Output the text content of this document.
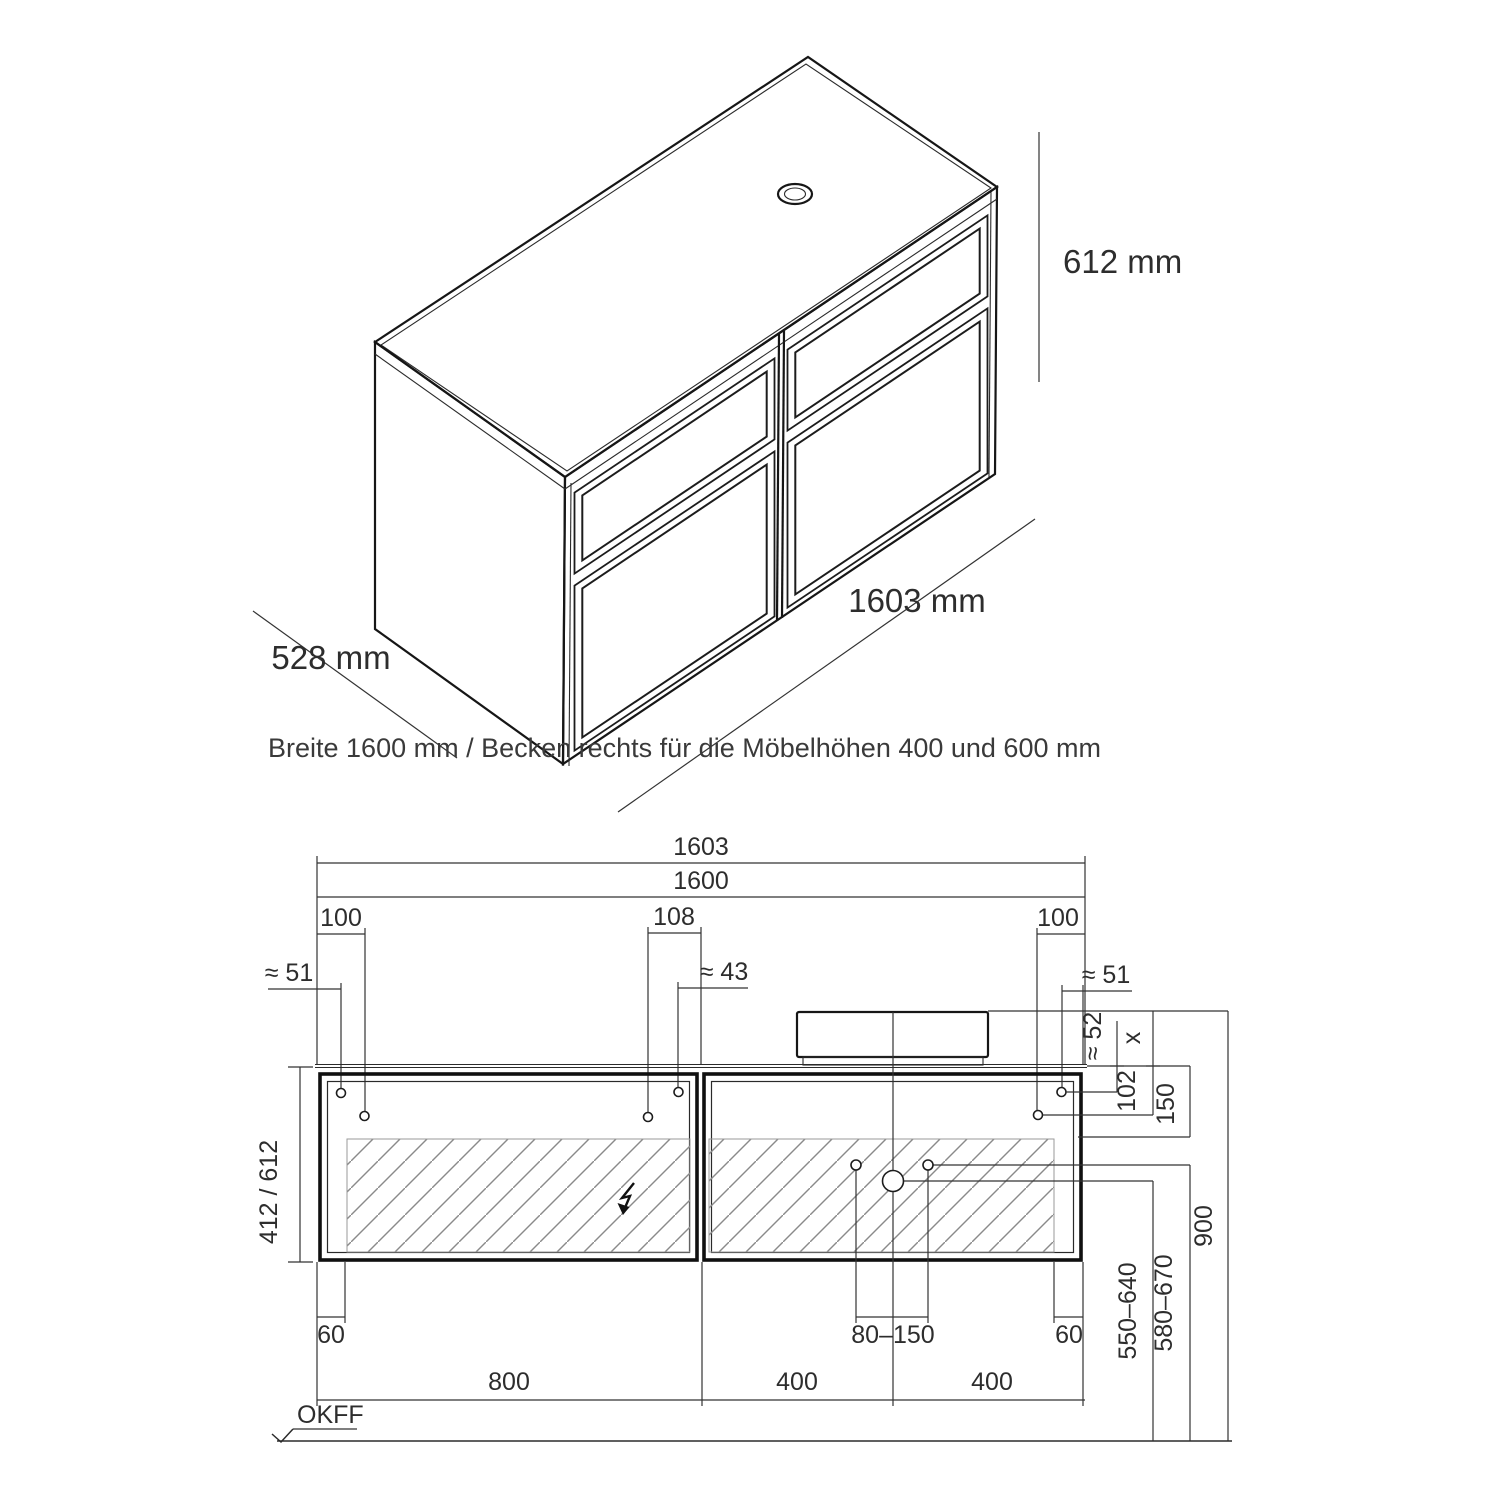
612 mm
1603 mm
528 mm
Breite 1600 mm / Becken rechts für die Möbelhöhen 400 und 600 mm
1603
1600
100	108	100
≈ 51	≈ 43	≈ 51
≈ 52 x
102 150
550–640 580–670
900
412 / 612
60	80–150	60
800	400	400
OKFF
